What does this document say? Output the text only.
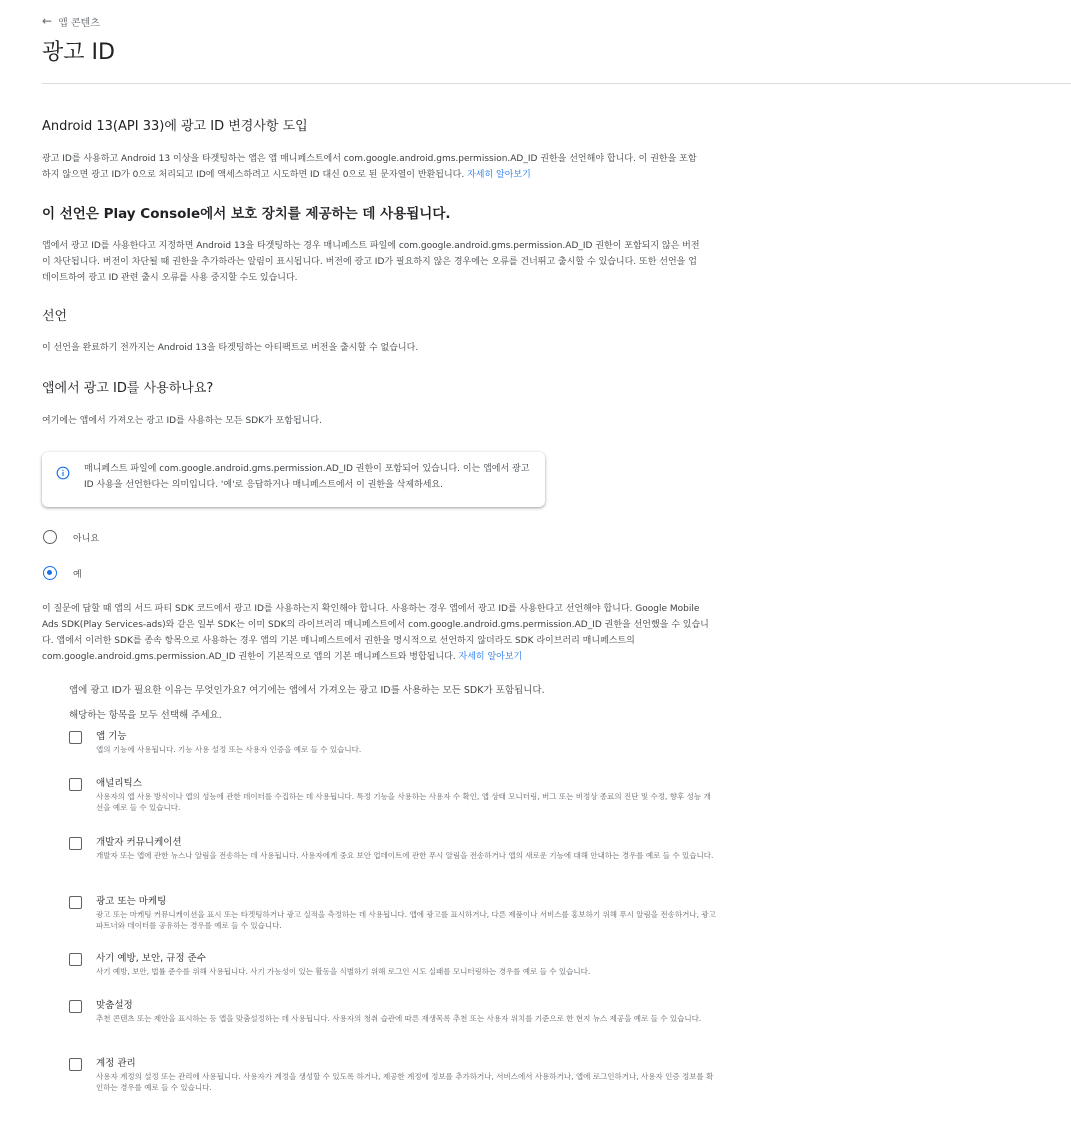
← 앱 콘텐츠
광고 ID
Android 13(API 33)에 광고 ID 변경사항 도입

광고 ID를 사용하고 Android 13 이상을 타겟팅하는 앱은 앱 매니페스트에서 com.google.android.gms.permission.AD_ID 권한을 선언해야 합니다. 이 권한을 포함하지 않으면 광고 ID가 0으로 처리되고 ID에 액세스하려고 시도하면 ID 대신 0으로 된 문자열이 반환됩니다. 자세히 알아보기

이 선언은 Play Console에서 보호 장치를 제공하는 데 사용됩니다.

앱에서 광고 ID를 사용한다고 지정하면 Android 13을 타겟팅하는 경우 매니페스트 파일에 com.google.android.gms.permission.AD_ID 권한이 포함되지 않은 버전이 차단됩니다. 버전이 차단될 때 권한을 추가하라는 알림이 표시됩니다. 버전에 광고 ID가 필요하지 않은 경우에는 오류를 건너뛰고 출시할 수 있습니다. 또한 선언을 업데이트하여 광고 ID 관련 출시 오류를 사용 중지할 수도 있습니다.

선언

이 선언을 완료하기 전까지는 Android 13을 타겟팅하는 아티팩트로 버전을 출시할 수 없습니다.

앱에서 광고 ID를 사용하나요?

여기에는 앱에서 가져오는 광고 ID를 사용하는 모든 SDK가 포함됩니다.

매니페스트 파일에 com.google.android.gms.permission.AD_ID 권한이 포함되어 있습니다. 이는 앱에서 광고 ID 사용을 선언한다는 의미입니다. '예'로 응답하거나 매니페스트에서 이 권한을 삭제하세요.
아니요
예

이 질문에 답할 때 앱의 서드 파티 SDK 코드에서 광고 ID를 사용하는지 확인해야 합니다. 사용하는 경우 앱에서 광고 ID를 사용한다고 선언해야 합니다. Google Mobile Ads SDK(Play Services-ads)와 같은 일부 SDK는 이미 SDK의 라이브러리 매니페스트에서 com.google.android.gms.permission.AD_ID 권한을 선언했을 수 있습니다. 앱에서 이러한 SDK를 종속 항목으로 사용하는 경우 앱의 기본 매니페스트에서 권한을 명시적으로 선언하지 않더라도 SDK 라이브러리 매니페스트의 com.google.android.gms.permission.AD_ID 권한이 기본적으로 앱의 기본 매니페스트와 병합됩니다. 자세히 알아보기

앱에 광고 ID가 필요한 이유는 무엇인가요? 여기에는 앱에서 가져오는 광고 ID를 사용하는 모든 SDK가 포함됩니다.

해당하는 항목을 모두 선택해 주세요.

앱 기능
앱의 기능에 사용됩니다. 기능 사용 설정 또는 사용자 인증을 예로 들 수 있습니다.
애널리틱스
사용자의 앱 사용 방식이나 앱의 성능에 관한 데이터를 수집하는 데 사용됩니다. 특정 기능을 사용하는 사용자 수 확인, 앱 상태 모니터링, 버그 또는 비정상 종료의 진단 및 수정, 향후 성능 개선을 예로 들 수 있습니다.
개발자 커뮤니케이션
개발자 또는 앱에 관한 뉴스나 알림을 전송하는 데 사용됩니다. 사용자에게 중요 보안 업데이트에 관한 푸시 알림을 전송하거나 앱의 새로운 기능에 대해 안내하는 경우를 예로 들 수 있습니다.
광고 또는 마케팅
광고 또는 마케팅 커뮤니케이션을 표시 또는 타겟팅하거나 광고 실적을 측정하는 데 사용됩니다. 앱에 광고를 표시하거나, 다른 제품이나 서비스를 홍보하기 위해 푸시 알림을 전송하거나, 광고 파트너와 데이터를 공유하는 경우를 예로 들 수 있습니다.
사기 예방, 보안, 규정 준수
사기 예방, 보안, 법률 준수를 위해 사용됩니다. 사기 가능성이 있는 활동을 식별하기 위해 로그인 시도 실패를 모니터링하는 경우를 예로 들 수 있습니다.
맞춤설정
추천 콘텐츠 또는 제안을 표시하는 등 앱을 맞춤설정하는 데 사용됩니다. 사용자의 청취 습관에 따른 재생목록 추천 또는 사용자 위치를 기준으로 한 현지 뉴스 제공을 예로 들 수 있습니다.
계정 관리
사용자 계정의 설정 또는 관리에 사용됩니다. 사용자가 계정을 생성할 수 있도록 하거나, 제공한 계정에 정보를 추가하거나, 서비스에서 사용하거나, 앱에 로그인하거나, 사용자 인증 정보를 확인하는 경우를 예로 들 수 있습니다.
